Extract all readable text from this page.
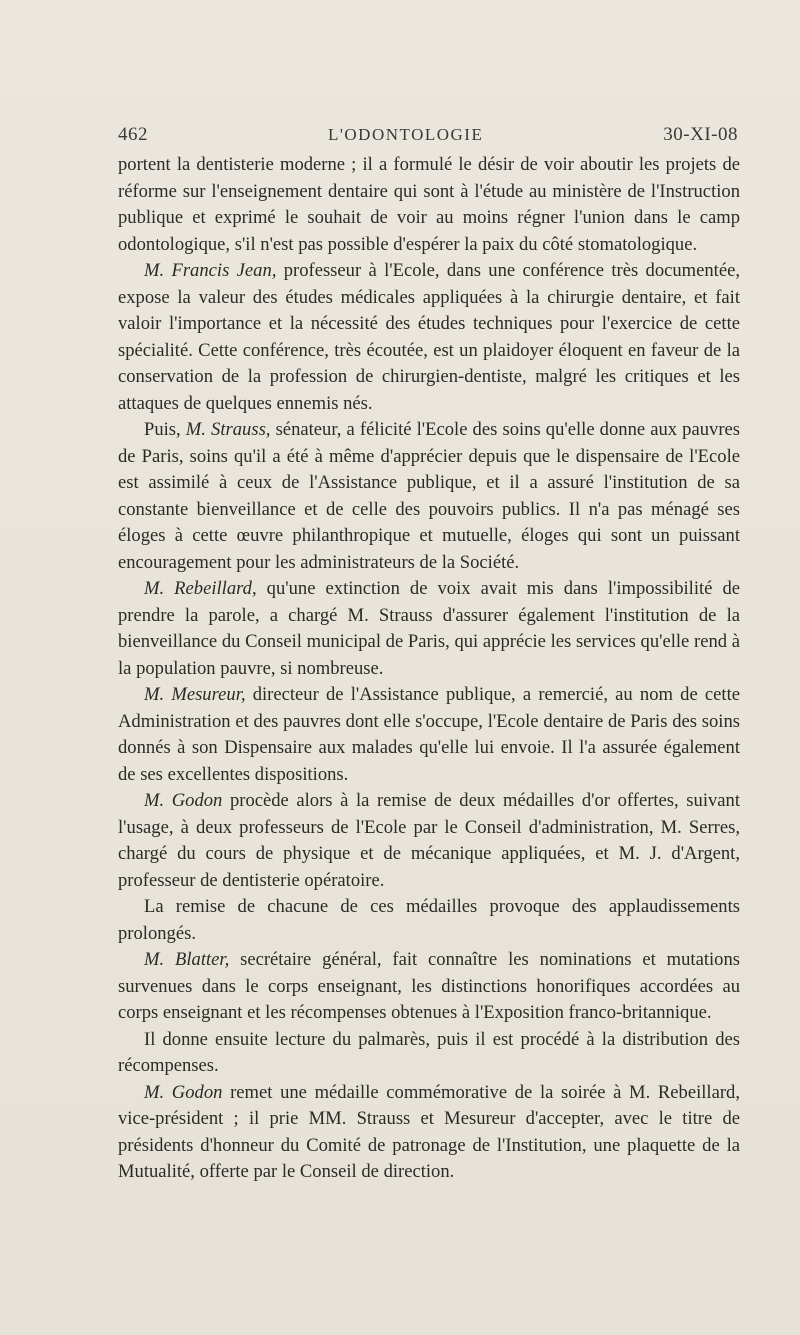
462	L'ODONTOLOGIE	30-XI-08

portent la dentisterie moderne ; il a formulé le désir de voir aboutir les projets de réforme sur l'enseignement dentaire qui sont à l'étude au ministère de l'Instruction publique et exprimé le souhait de voir au moins régner l'union dans le camp odontologique, s'il n'est pas possible d'espérer la paix du côté stomatologique.

M. Francis Jean, professeur à l'Ecole, dans une conférence très documentée, expose la valeur des études médicales appliquées à la chirurgie dentaire, et fait valoir l'importance et la nécessité des études techniques pour l'exercice de cette spécialité. Cette conférence, très écoutée, est un plaidoyer éloquent en faveur de la conservation de la profession de chirurgien-dentiste, malgré les critiques et les attaques de quelques ennemis nés.

Puis, M. Strauss, sénateur, a félicité l'Ecole des soins qu'elle donne aux pauvres de Paris, soins qu'il a été à même d'apprécier depuis que le dispensaire de l'Ecole est assimilé à ceux de l'Assistance publique, et il a assuré l'institution de sa constante bienveillance et de celle des pouvoirs publics. Il n'a pas ménagé ses éloges à cette œuvre philanthropique et mutuelle, éloges qui sont un puissant encouragement pour les administrateurs de la Société.

M. Rebeillard, qu'une extinction de voix avait mis dans l'impossibilité de prendre la parole, a chargé M. Strauss d'assurer également l'institution de la bienveillance du Conseil municipal de Paris, qui apprécie les services qu'elle rend à la population pauvre, si nombreuse.

M. Mesureur, directeur de l'Assistance publique, a remercié, au nom de cette Administration et des pauvres dont elle s'occupe, l'Ecole dentaire de Paris des soins donnés à son Dispensaire aux malades qu'elle lui envoie. Il l'a assurée également de ses excellentes dispositions.

M. Godon procède alors à la remise de deux médailles d'or offertes, suivant l'usage, à deux professeurs de l'Ecole par le Conseil d'administration, M. Serres, chargé du cours de physique et de mécanique appliquées, et M. J. d'Argent, professeur de dentisterie opératoire.

La remise de chacune de ces médailles provoque des applaudissements prolongés.

M. Blatter, secrétaire général, fait connaître les nominations et mutations survenues dans le corps enseignant, les distinctions honorifiques accordées au corps enseignant et les récompenses obtenues à l'Exposition franco-britannique.

Il donne ensuite lecture du palmarès, puis il est procédé à la distribution des récompenses.

M. Godon remet une médaille commémorative de la soirée à M. Rebeillard, vice-président ; il prie MM. Strauss et Mesureur d'accepter, avec le titre de présidents d'honneur du Comité de patronage de l'Institution, une plaquette de la Mutualité, offerte par le Conseil de direction.
